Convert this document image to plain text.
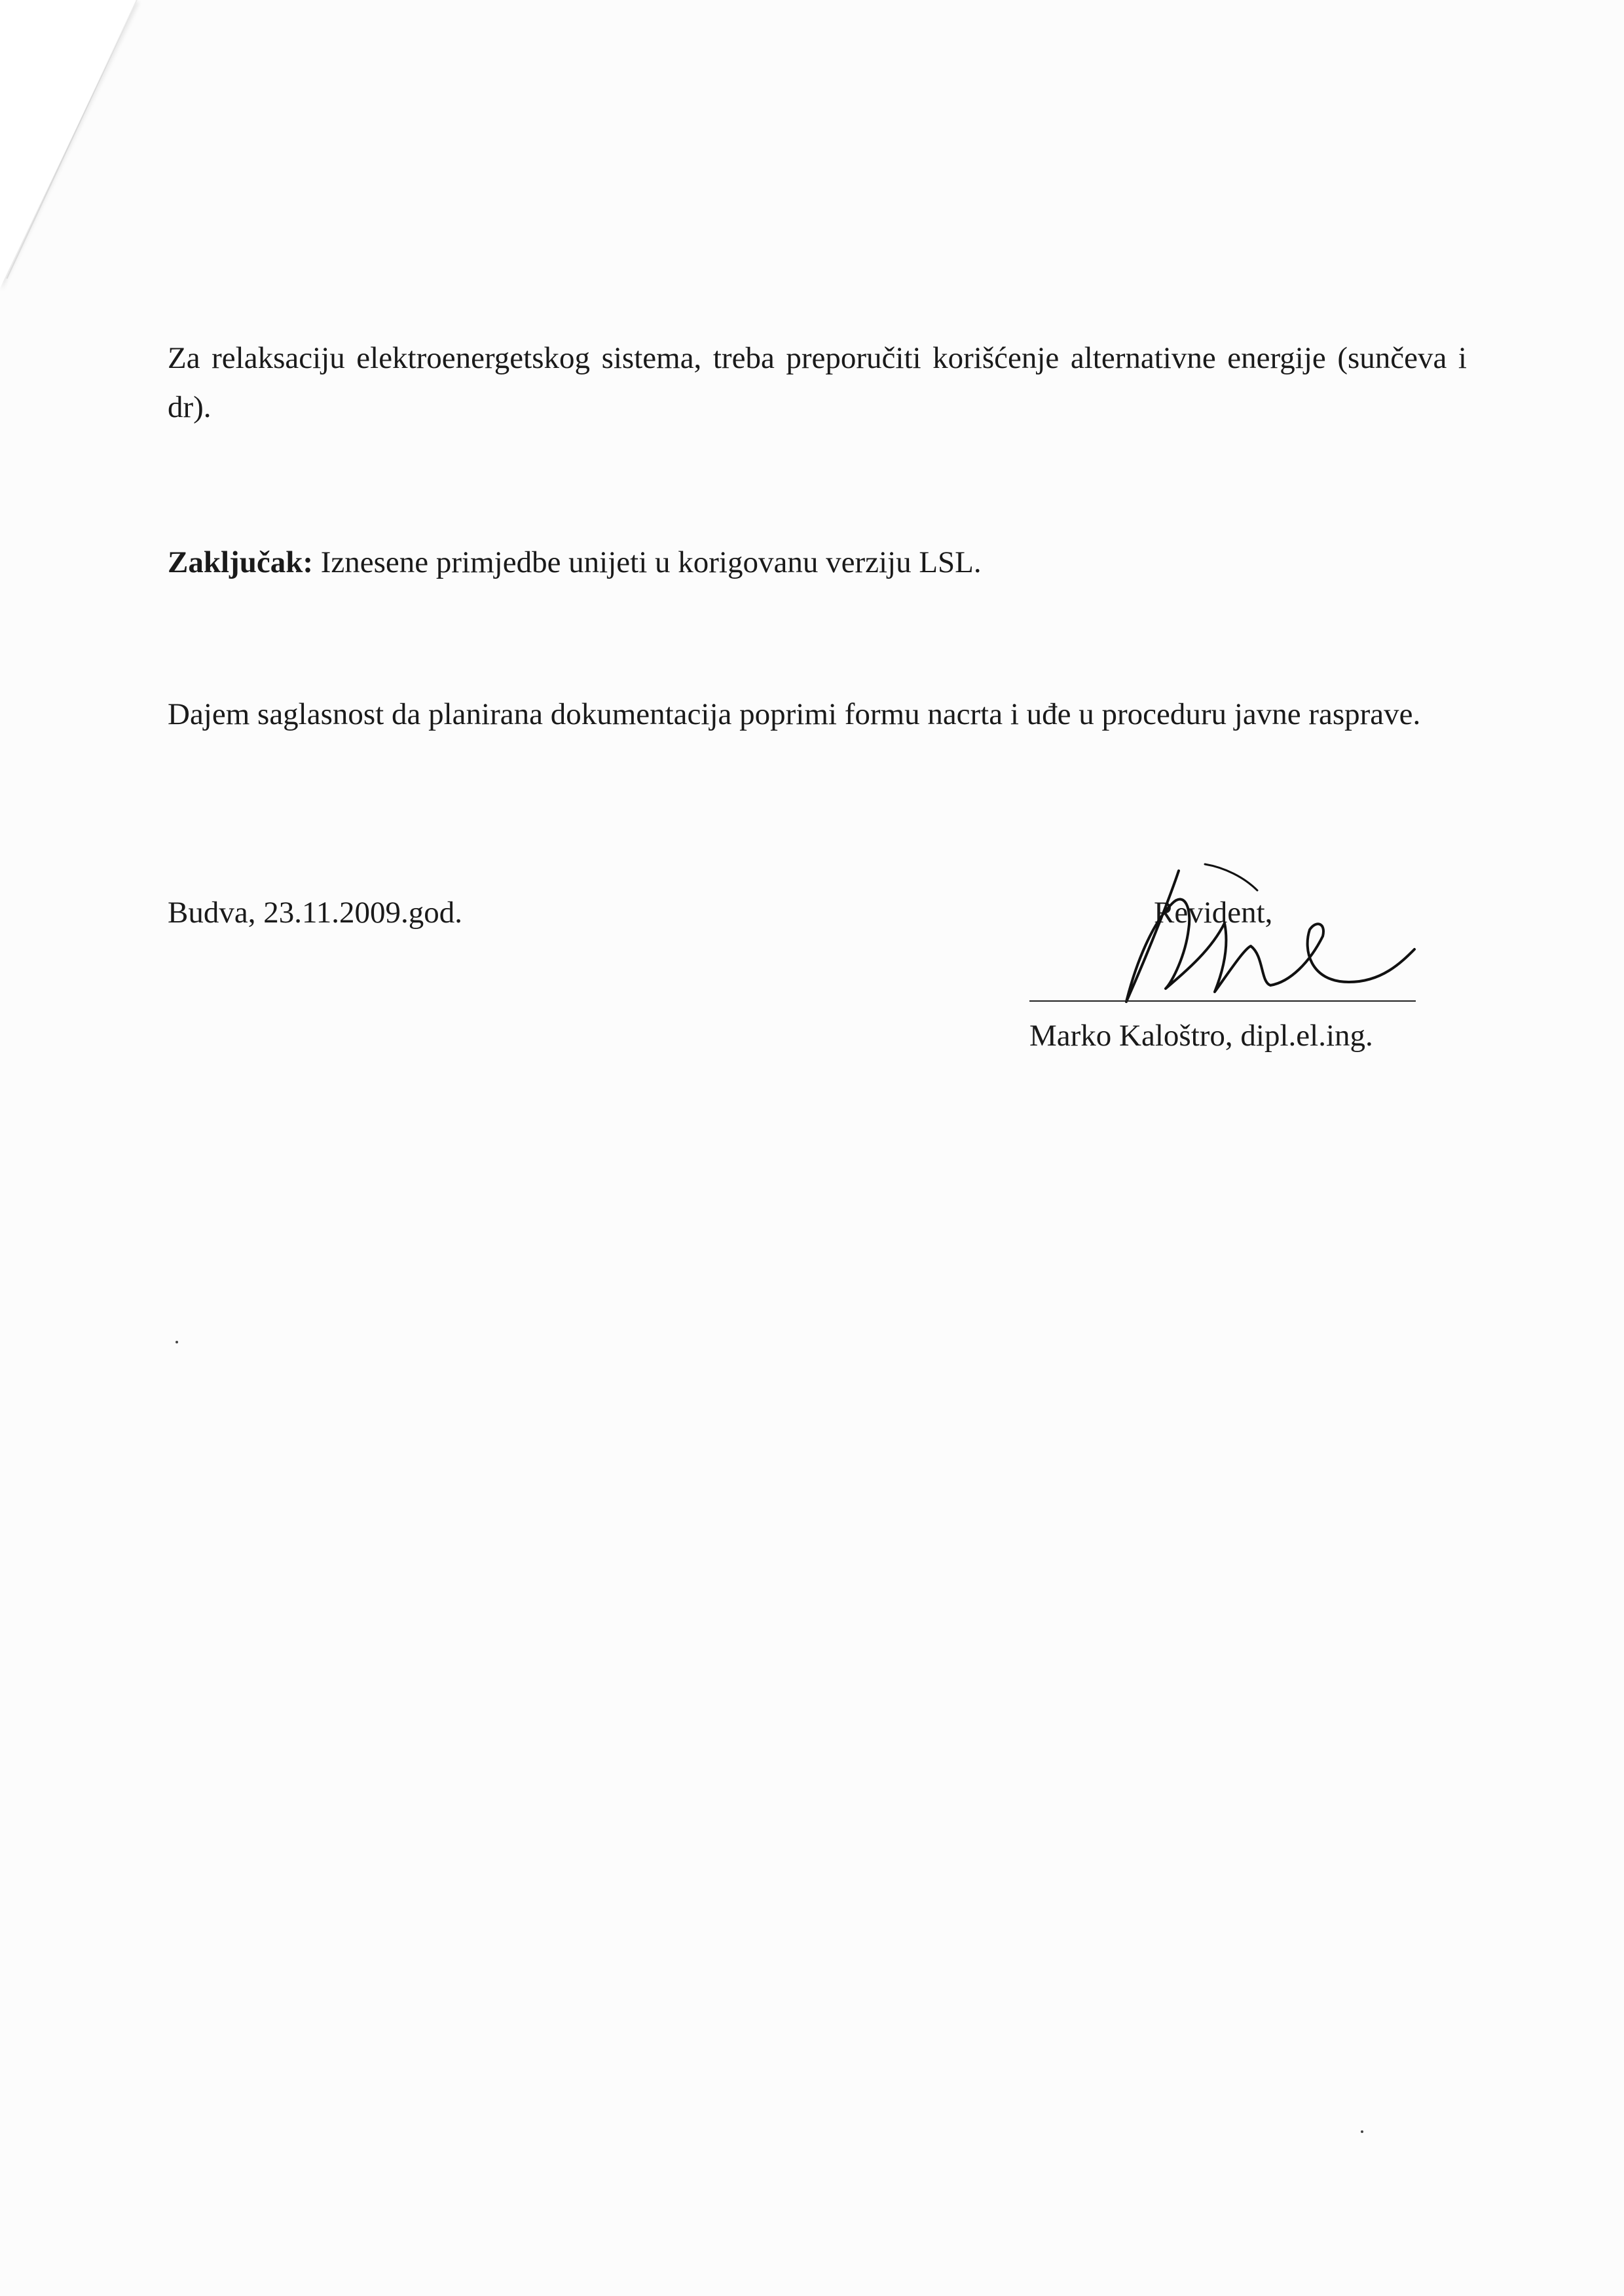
Za relaksaciju elektroenergetskog sistema, treba preporučiti korišćenje alternativne energije (sunčeva i dr).

Zaključak: Iznesene primjedbe unijeti u korigovanu verziju LSL.

Dajem saglasnost da planirana dokumentacija poprimi formu nacrta i uđe u proceduru javne rasprave.

Budva, 23.11.2009.god.	Revident,

Marko Kaloštro, dipl.el.ing.
